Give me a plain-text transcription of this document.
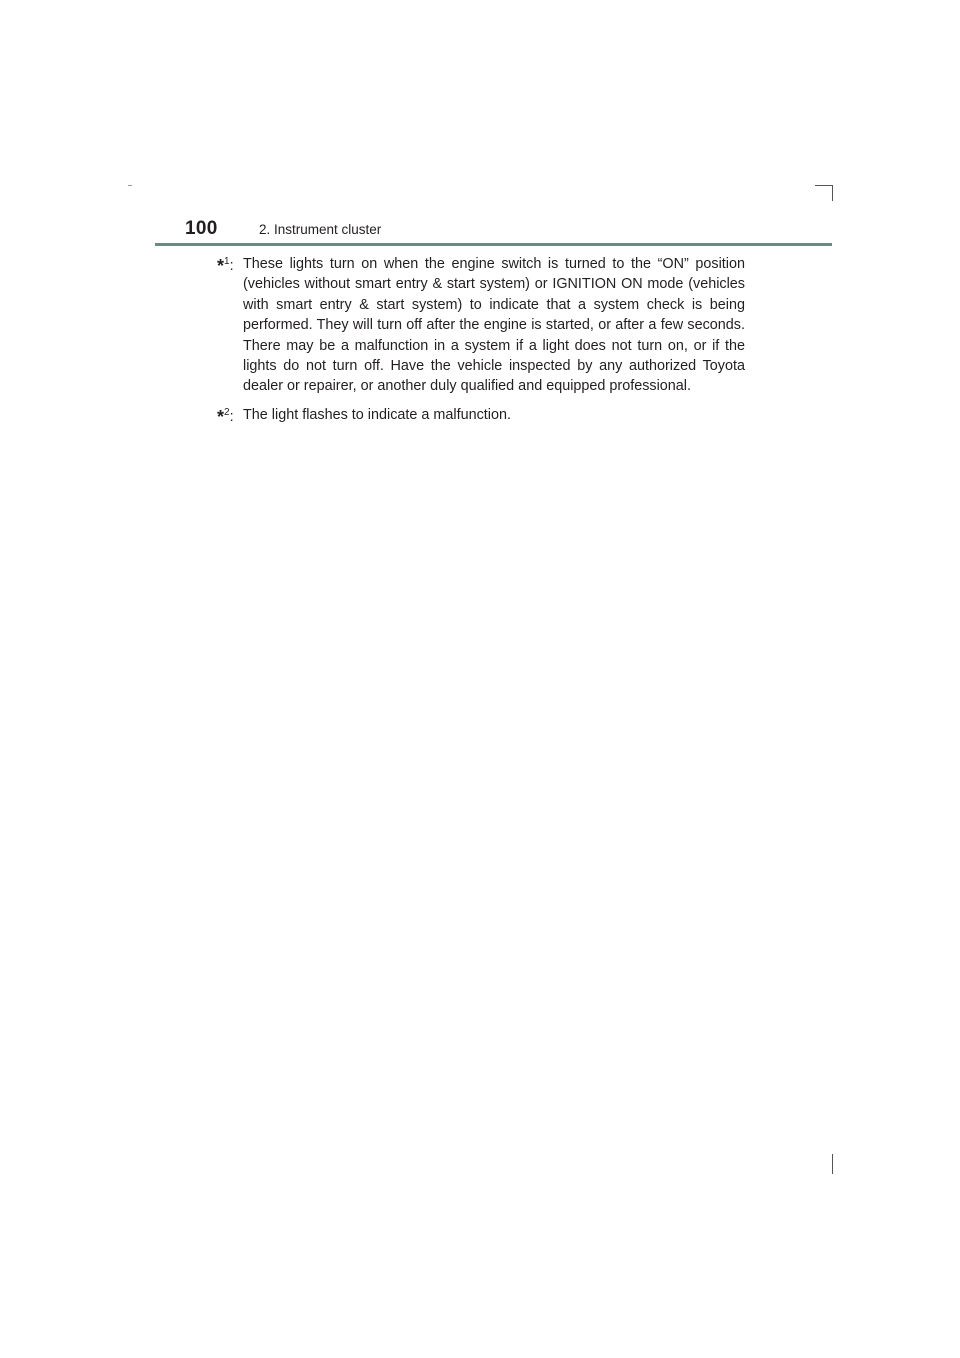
100	2. Instrument cluster
*$^1$: These lights turn on when the engine switch is turned to the “ON” position (vehicles without smart entry & start system) or IGNITION ON mode (vehicles with smart entry & start system) to indicate that a system check is being performed. They will turn off after the engine is started, or after a few seconds. There may be a malfunction in a system if a light does not turn on, or if the lights do not turn off. Have the vehicle inspected by any authorized Toyota dealer or repairer, or another duly qualified and equipped professional.
*$^2$: The light flashes to indicate a malfunction.
